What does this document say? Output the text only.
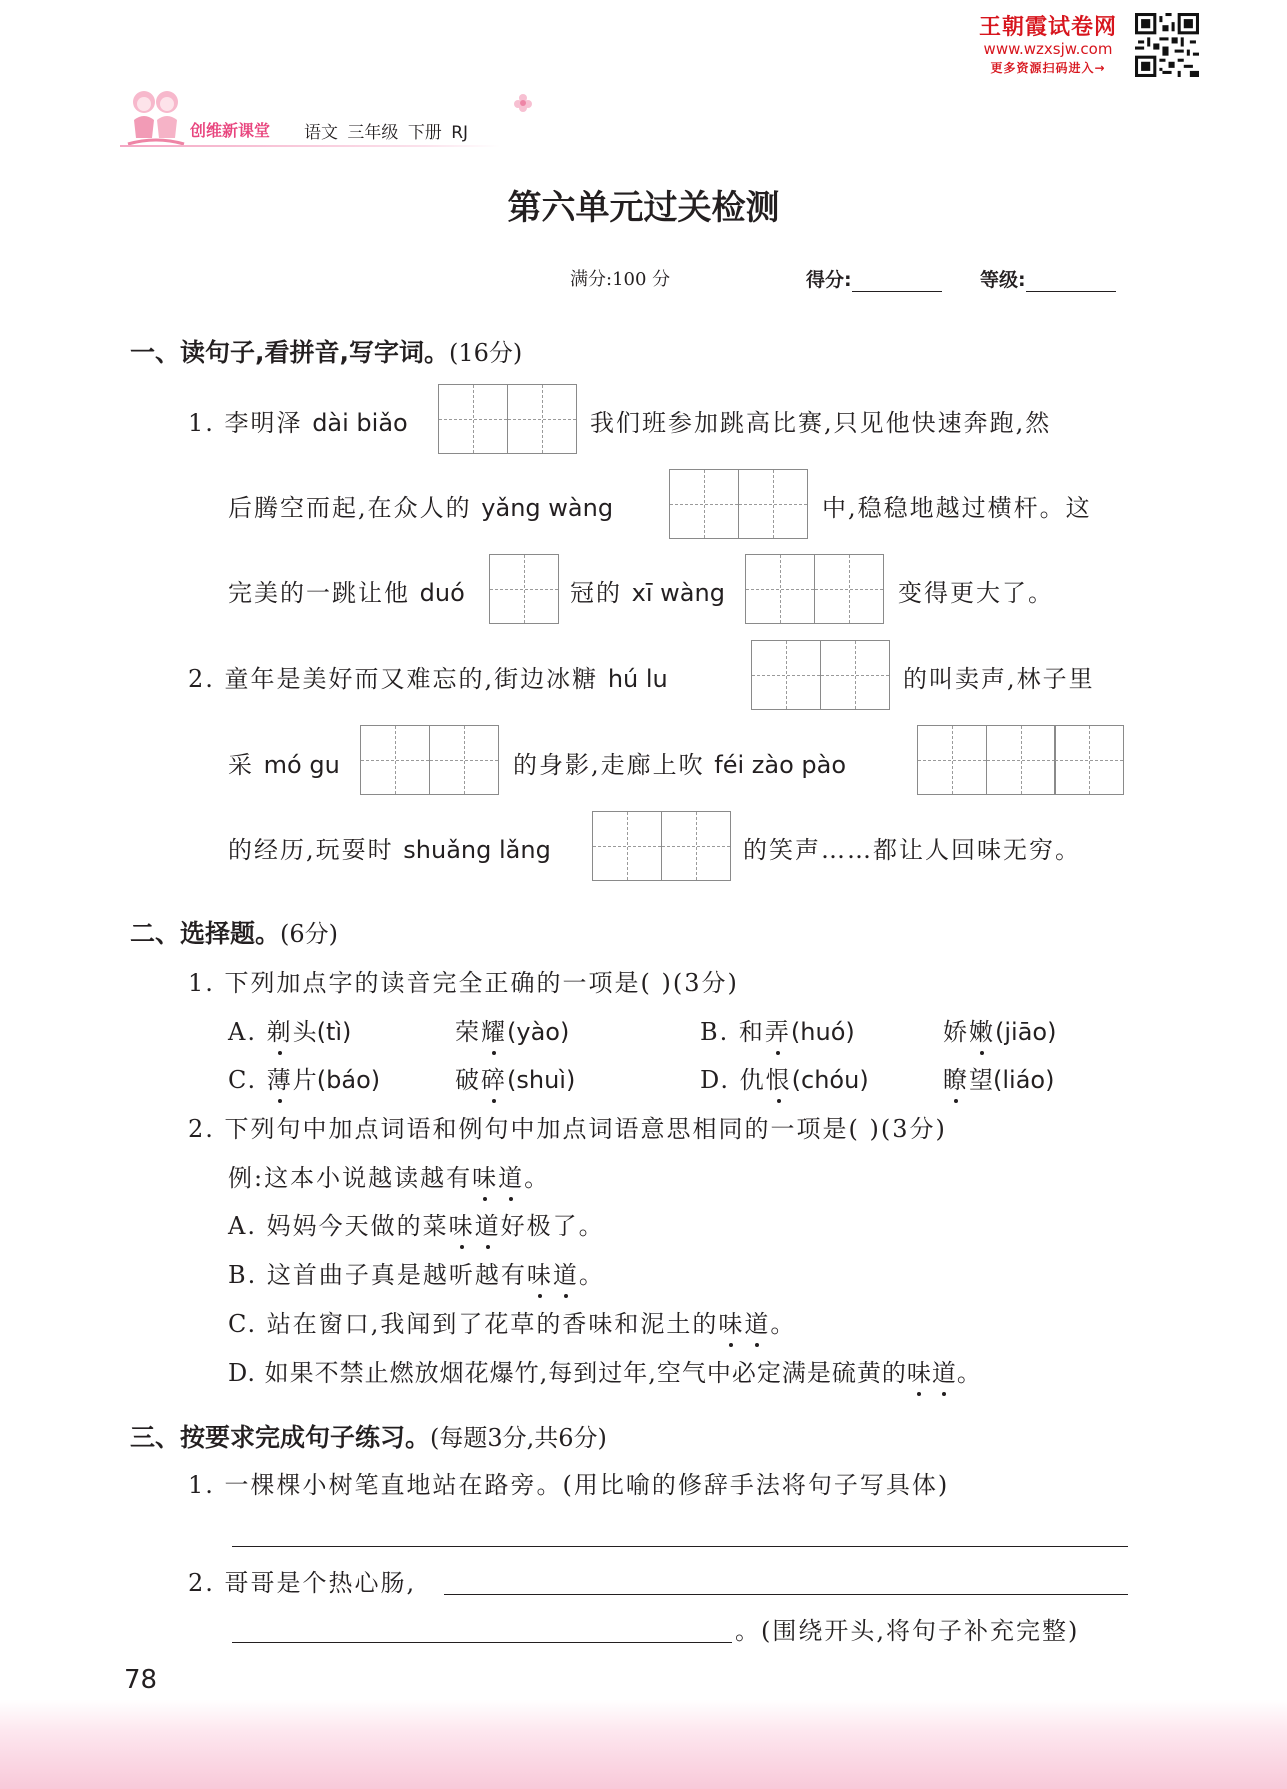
王朝霞试卷网
www.wzxsjw.com
更多资源扫码进入→
创维新课堂 语文 三年级 下册 RJ
第六单元过关检测
满分:100 分	得分:	等级:
一、读句子,看拼音,写字词。(16分)
1. 李明泽 dài biǎo	我们班参加跳高比赛,只见他快速奔跑,然
后腾空而起,在众人的 yǎng wàng	中,稳稳地越过横杆。这
完美的一跳让他 duó	冠的 xī wàng	变得更大了。
2. 童年是美好而又难忘的,街边冰糖 hú lu	的叫卖声,林子里
采 mó gu	的身影,走廊上吹 féi zào pào
的经历,玩耍时 shuǎng lǎng	的笑声……都让人回味无穷。
二、选择题。(6分)
1. 下列加点字的读音完全正确的一项是( )(3分)
A. 剃头(tì)	荣耀(yào)	B. 和弄(huó)	娇嫩(jiāo)
C. 薄片(báo)	破碎(shuì)	D. 仇恨(chóu)	瞭望(liáo)
2. 下列句中加点词语和例句中加点词语意思相同的一项是( )(3分)
例:这本小说越读越有味道。
A. 妈妈今天做的菜味道好极了。
B. 这首曲子真是越听越有味道。
C. 站在窗口,我闻到了花草的香味和泥土的味道。
D. 如果不禁止燃放烟花爆竹,每到过年,空气中必定满是硫黄的味道。
三、按要求完成句子练习。(每题3分,共6分)
1. 一棵棵小树笔直地站在路旁。(用比喻的修辞手法将句子写具体)
2. 哥哥是个热心肠,
。(围绕开头,将句子补充完整)
78
